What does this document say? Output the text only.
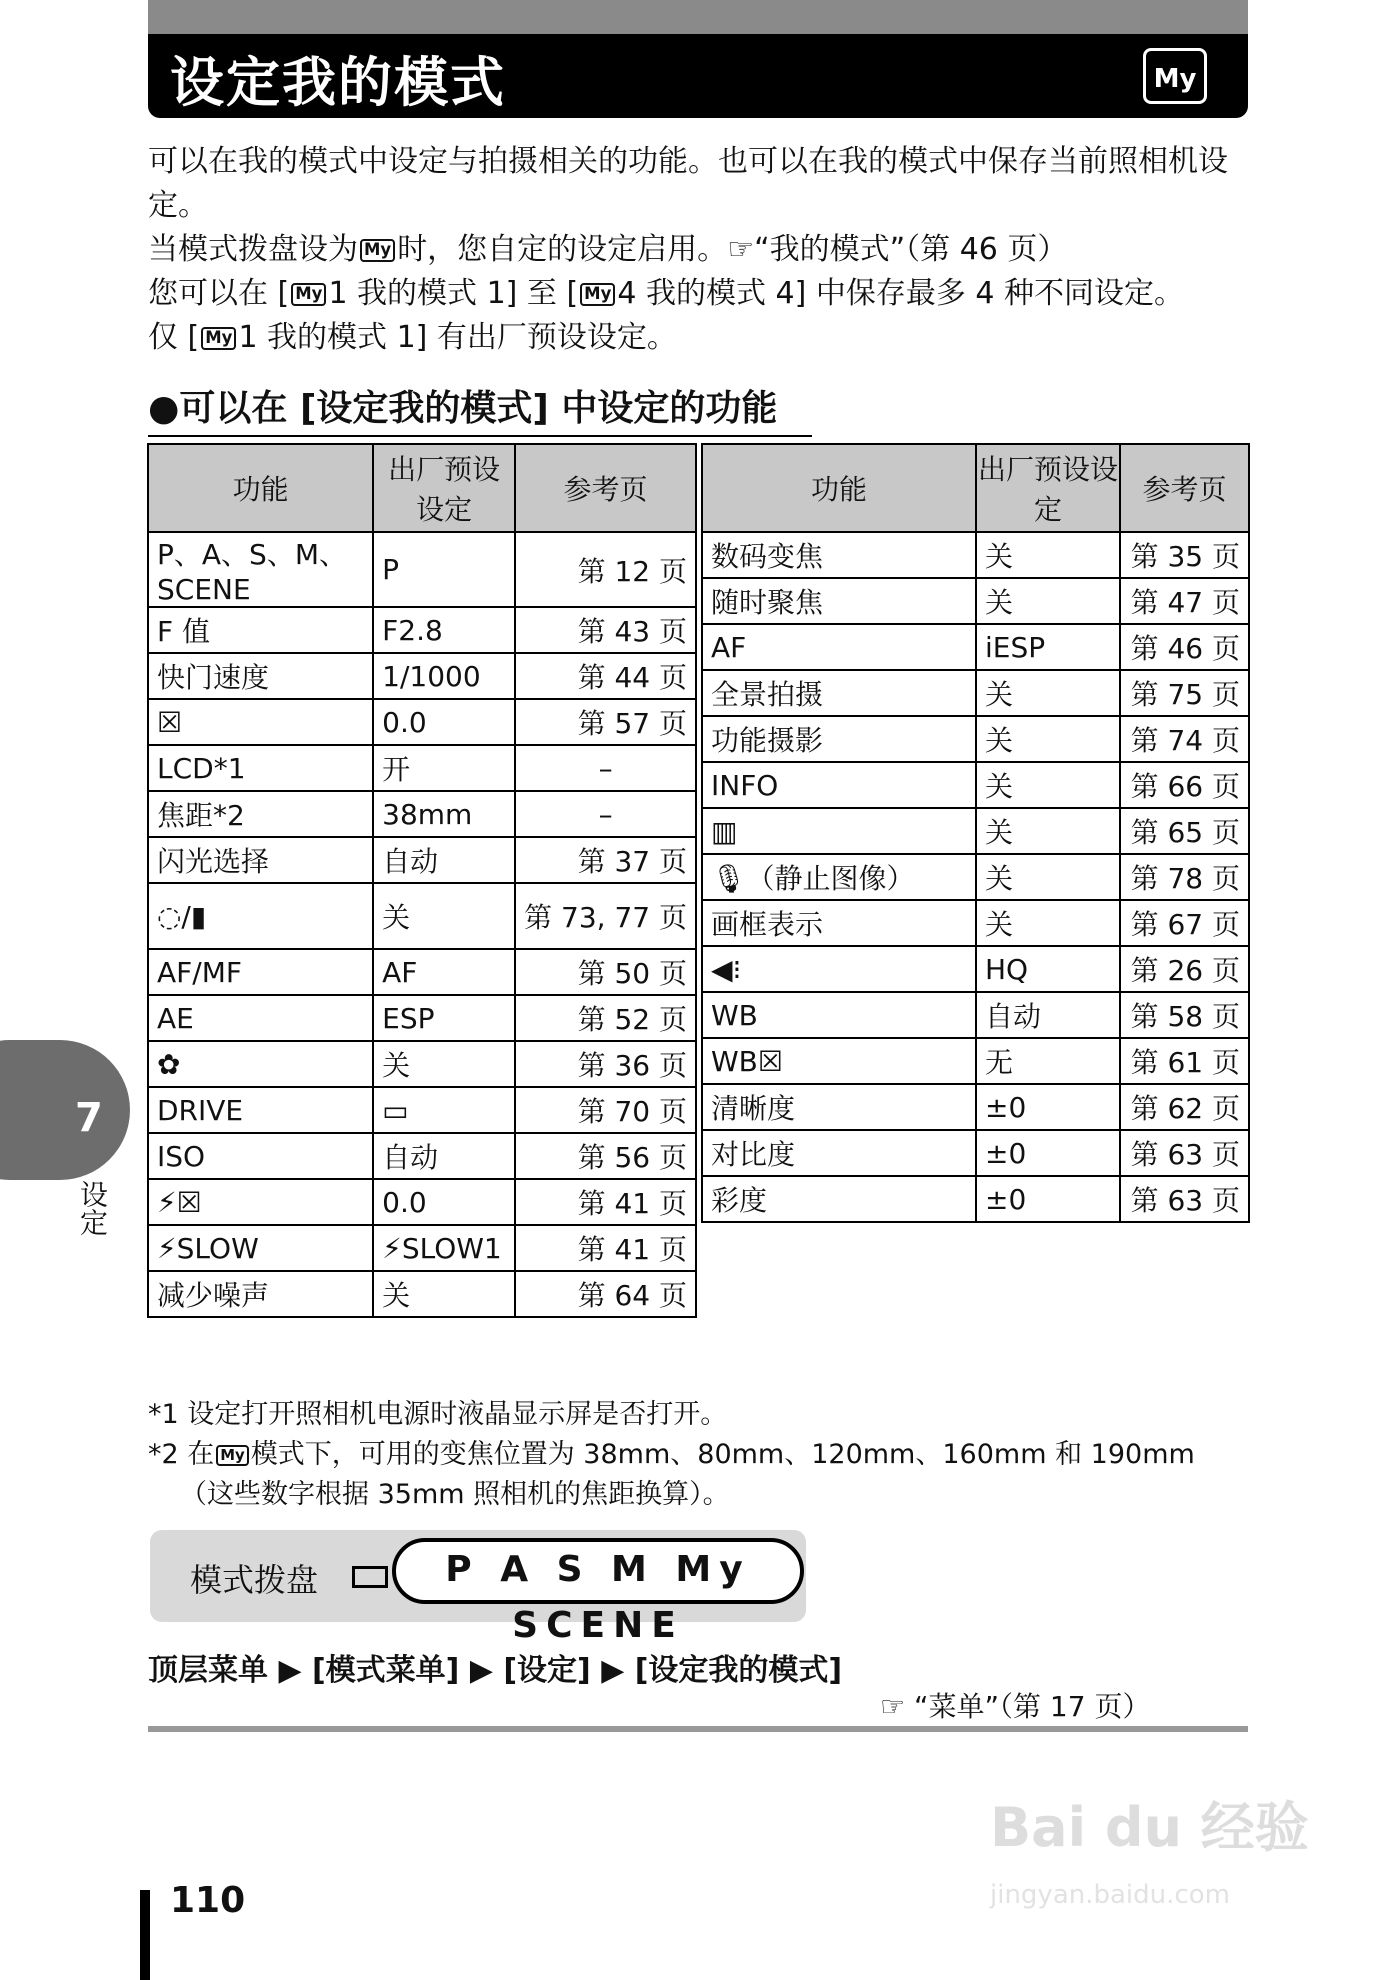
设定我的模式	My
可以在我的模式中设定与拍摄相关的功能。也可以在我的模式中保存当前照相机设定。
当模式拨盘设为 My 时，您自定的设定启用。☞“我的模式”（第 46 页）
您可以在 [ My 1 我的模式 1] 至 [ My 4 我的模式 4] 中保存最多 4 种不同设定。
仅 [ My 1 我的模式 1] 有出厂预设设定。
●可以在 [设定我的模式] 中设定的功能
功能	出厂预设设定	参考页
P、A、S、M、SCENE	P	第 12 页
F 值	F2.8	第 43 页
快门速度	1/1000	第 44 页
☒	0.0	第 57 页
LCD*1	开	–
焦距*2	38mm	–
闪光选择	自动	第 37 页
◌/▮	关	第 73, 77 页
AF/MF	AF	第 50 页
AE	ESP	第 52 页
✿	关	第 36 页
DRIVE	▭	第 70 页
ISO	自动	第 56 页
⚡☒	0.0	第 41 页
⚡SLOW	⚡SLOW1	第 41 页
减少噪声	关	第 64 页
功能	出厂预设设定	参考页
数码变焦	关	第 35 页
随时聚焦	关	第 47 页
AF	iESP	第 46 页
全景拍摄	关	第 75 页
功能摄影	关	第 74 页
INFO	关	第 66 页
▥	关	第 65 页
🎙（静止图像）	关	第 78 页
画框表示	关	第 67 页
◀⁝	HQ	第 26 页
WB	自动	第 58 页
WB☒	无	第 61 页
清晰度	±0	第 62 页
对比度	±0	第 63 页
彩度	±0	第 63 页
*1 设定打开照相机电源时液晶显示屏是否打开。
*2 在 My 模式下，可用的变焦位置为 38mm、80mm、120mm、160mm 和 190mm
（这些数字根据 35mm 照相机的焦距换算）。
模式拨盘	P A S M My SCENE
顶层菜单 ▶ [模式菜单] ▶ [设定] ▶ [设定我的模式]
☞ “菜单”（第 17 页）
7
设定
110
Bai du 经验
jingyan.baidu.com
